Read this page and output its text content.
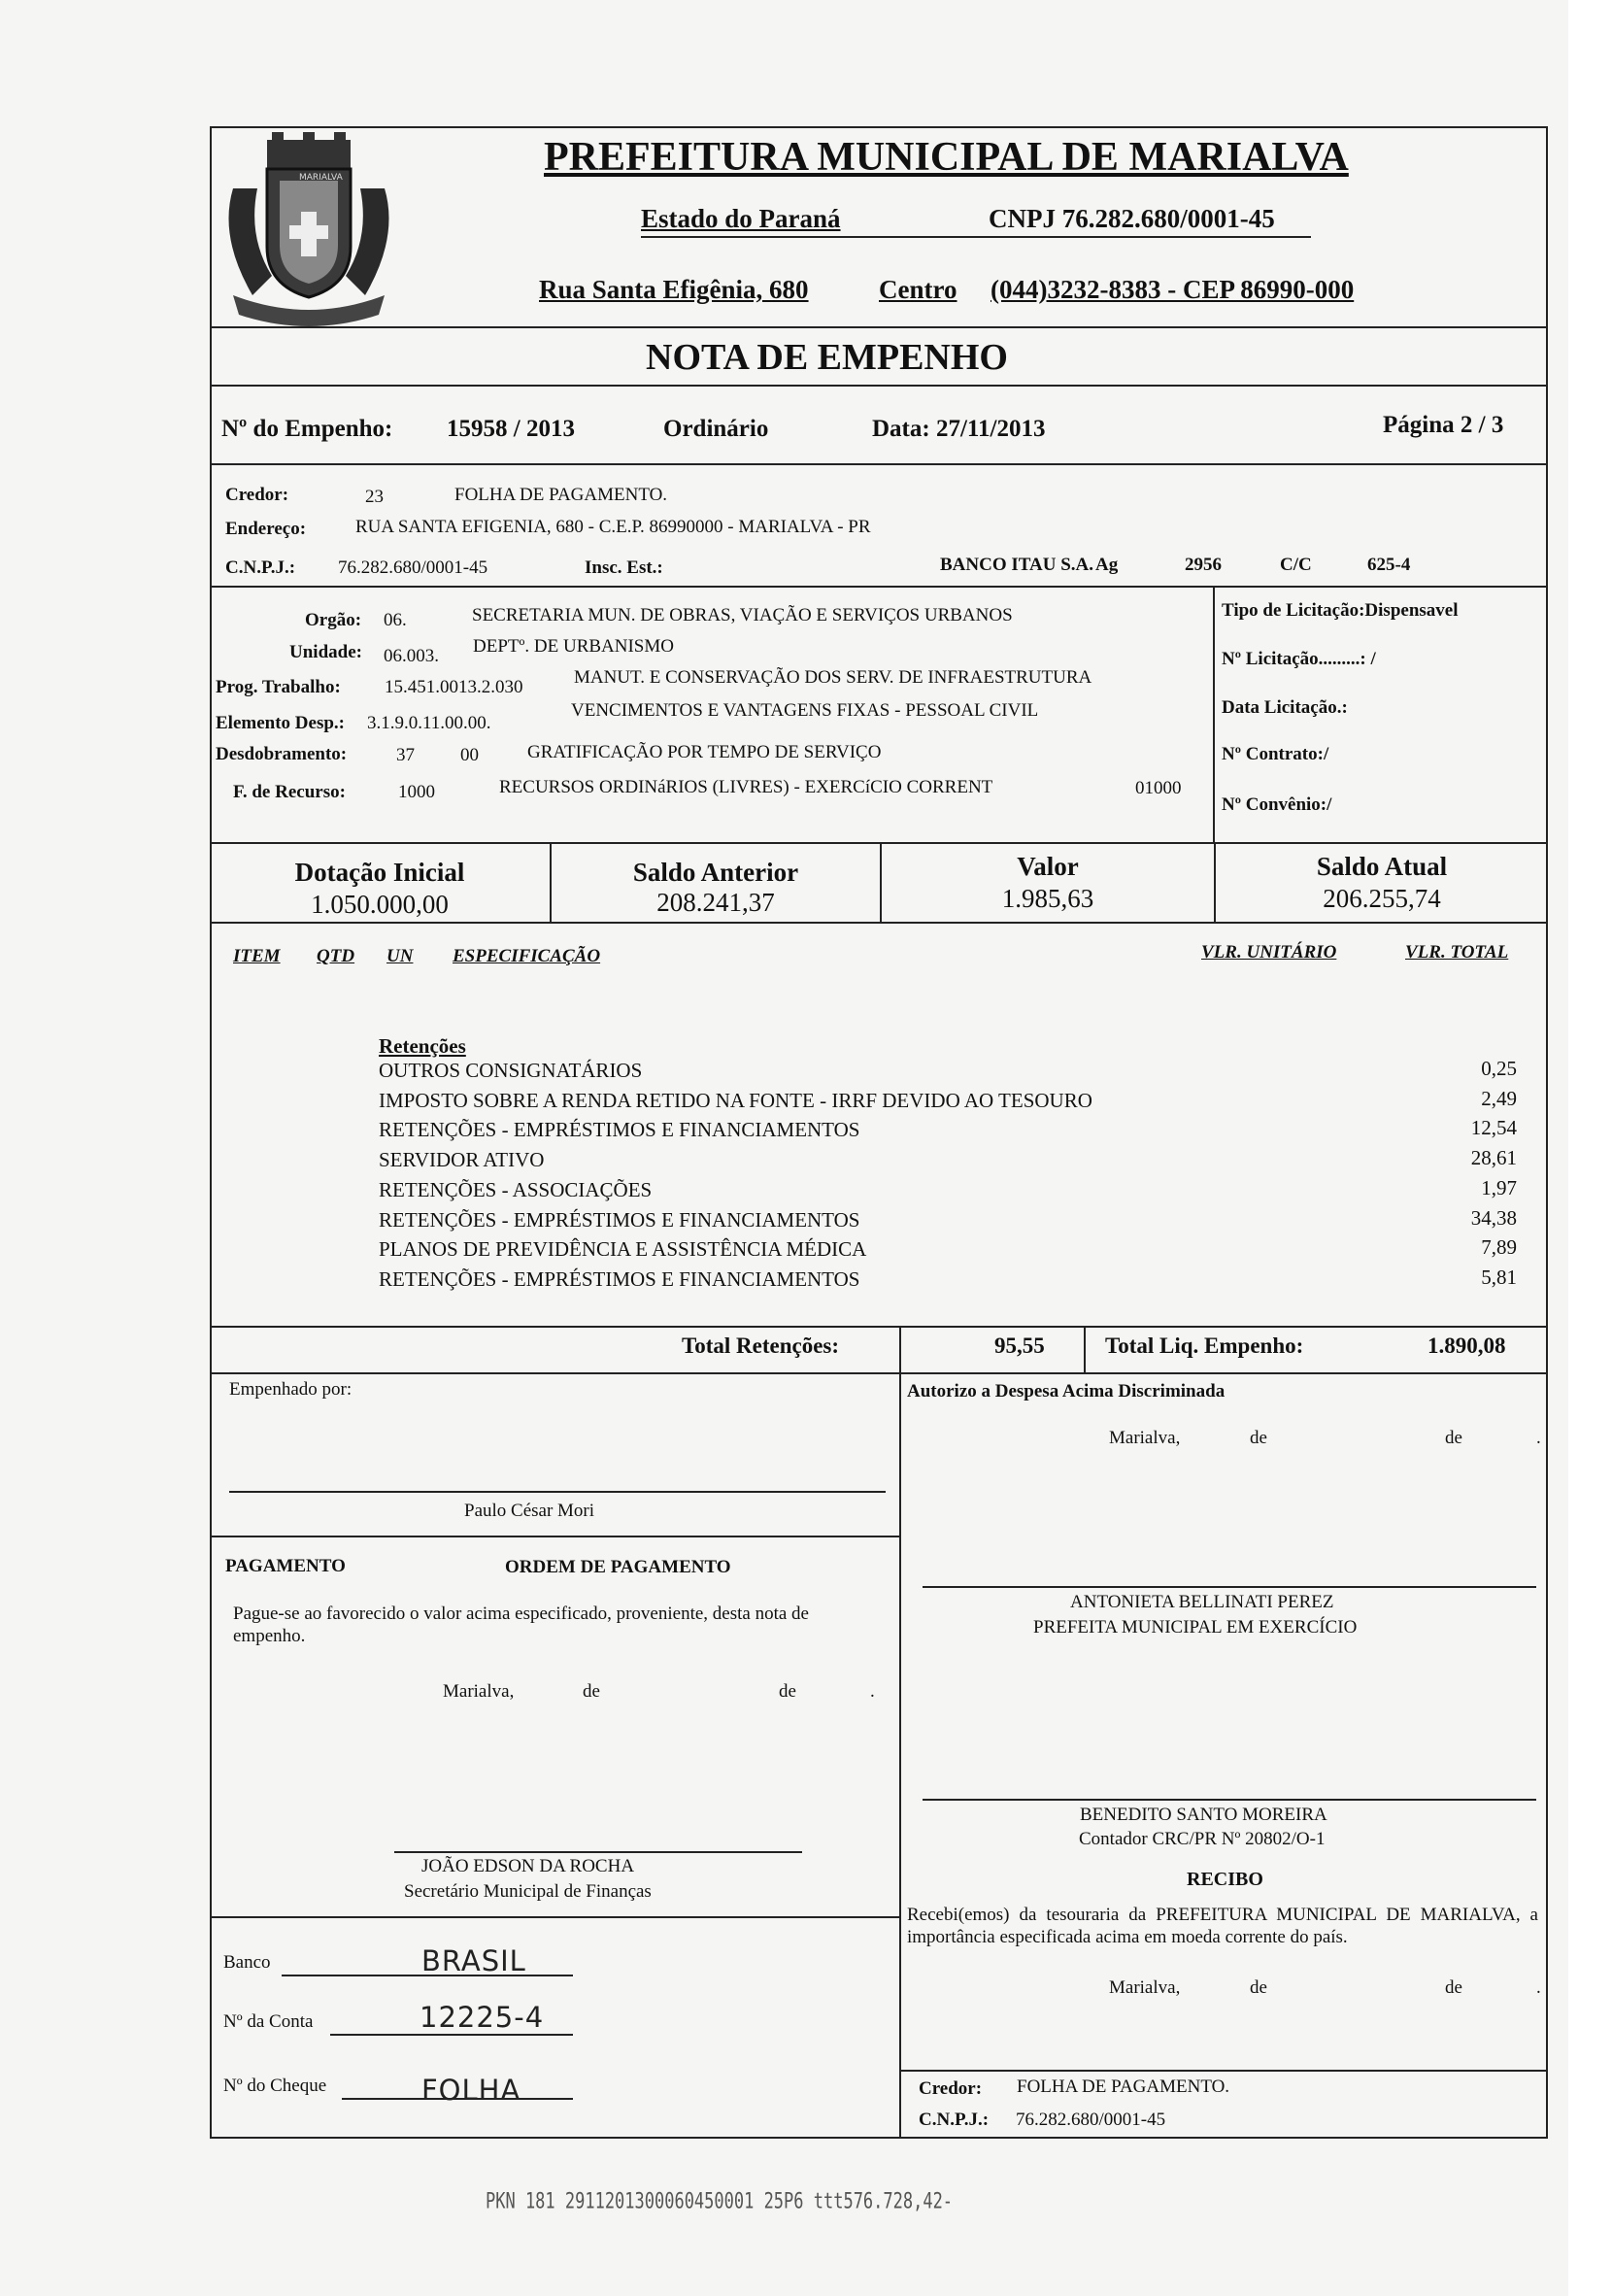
MARIALVA	PREFEITURA MUNICIPAL DE MARIALVA
Estado do Paraná	CNPJ 76.282.680/0001-45
Rua Santa Efigênia, 680	Centro (044)3232-8383 - CEP 86990-000
NOTA DE EMPENHO
Nº do Empenho: 15958 / 2013	Ordinário	Data: 27/11/2013	Página 2 / 3
Credor:	23	FOLHA DE PAGAMENTO.
Endereço:	RUA SANTA EFIGENIA, 680 - C.E.P. 86990000 - MARIALVA - PR
C.N.P.J.: 76.282.680/0001-45	Insc. Est.:	BANCO ITAU S.A. Ag	2956	C/C	625-4
Orgão: 06.	SECRETARIA MUN. DE OBRAS, VIAÇÃO E SERVIÇOS URBANOS
Unidade: 06.003. DEPTº. DE URBANISMO
Prog. Trabalho: 15.451.0013.2.030	MANUT. E CONSERVAÇÃO DOS SERV. DE INFRAESTRUTURA
Elemento Desp.: 3.1.9.0.11.00.00.
VENCIMENTOS E VANTAGENS FIXAS - PESSOAL CIVIL
Desdobramento:	37 00	GRATIFICAÇÃO POR TEMPO DE SERVIÇO
F. de Recurso:	1000	RECURSOS ORDINáRIOS (LIVRES) - EXERCíCIO CORRENT	01000
Tipo de Licitação:Dispensavel
Nº Licitação.........: /
Data Licitação.:
Nº Contrato:/
Nº Convênio:/
Dotação Inicial
1.050.000,00
Saldo Anterior
208.241,37
Valor
1.985,63
Saldo Atual
206.255,74
ITEM QTD UN ESPECIFICAÇÃO	VLR. UNITÁRIO	VLR. TOTAL
Retenções
OUTROS CONSIGNATÁRIOS	0,25
IMPOSTO SOBRE A RENDA RETIDO NA FONTE - IRRF DEVIDO AO TESOURO	2,49
RETENÇÕES - EMPRÉSTIMOS E FINANCIAMENTOS	12,54
SERVIDOR ATIVO	28,61
RETENÇÕES - ASSOCIAÇÕES	1,97
RETENÇÕES - EMPRÉSTIMOS E FINANCIAMENTOS	34,38
PLANOS DE PREVIDÊNCIA E ASSISTÊNCIA MÉDICA	7,89
RETENÇÕES - EMPRÉSTIMOS E FINANCIAMENTOS	5,81
Total Retenções:	95,55	Total Liq. Empenho:	1.890,08
Empenhado por:
Paulo César Mori
PAGAMENTO	ORDEM DE PAGAMENTO
Pague-se ao favorecido o valor acima especificado, proveniente, desta nota de empenho.
Marialva,	de	de	.
JOÃO EDSON DA ROCHA
Secretário Municipal de Finanças
Banco	BRASIL
Nº da Conta	12225-4
Nº do Cheque	FOLHA
Autorizo a Despesa Acima Discriminada
Marialva,	de	de	.
ANTONIETA BELLINATI PEREZ
PREFEITA MUNICIPAL EM EXERCÍCIO
BENEDITO SANTO MOREIRA
Contador CRC/PR Nº 20802/O-1
RECIBO
Recebi(emos) da tesouraria da PREFEITURA MUNICIPAL DE MARIALVA, a importância especificada acima em moeda corrente do país.
Marialva,	de	de	.
Credor: FOLHA DE PAGAMENTO.
C.N.P.J.: 76.282.680/0001-45
PKN 181 2911201300060450001 25P6 ttt576.728,42-
